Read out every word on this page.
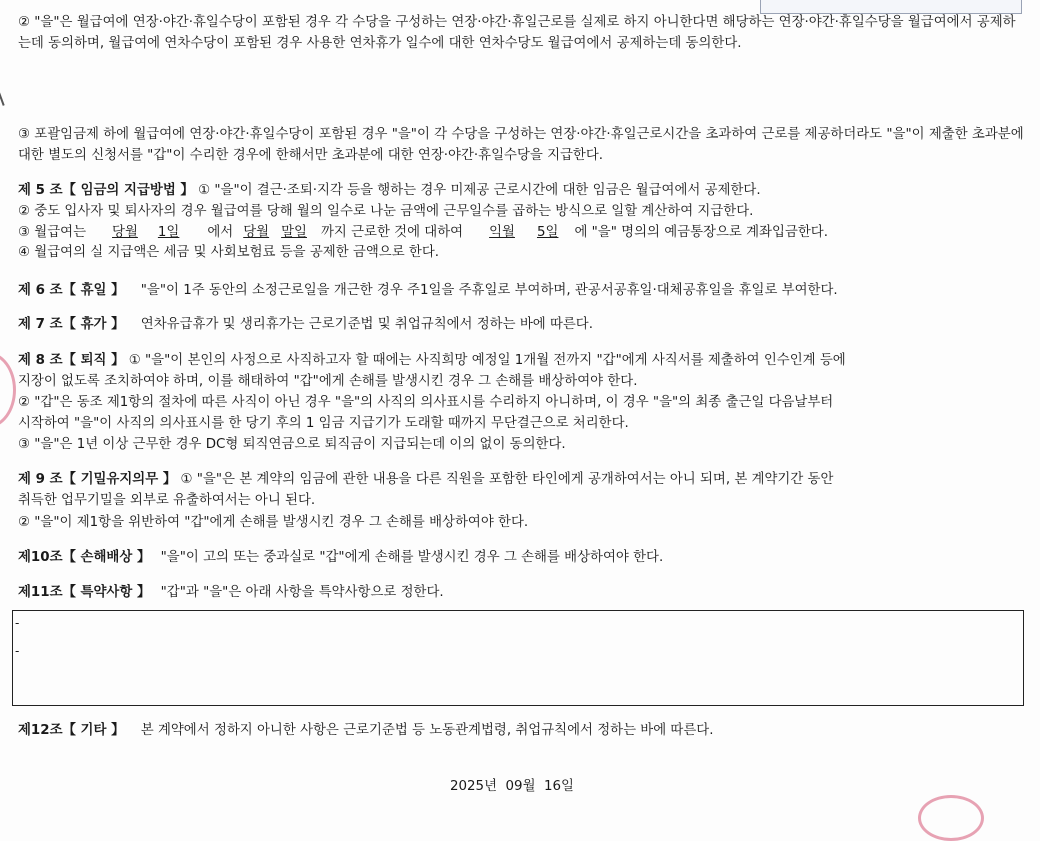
② "을"은 월급여에 연장·야간·휴일수당이 포함된 경우 각 수당을 구성하는 연장·야간·휴일근로를 실제로 하지 아니한다면 해당하는 연장·야간·휴일수당을 월급여에서 공제하는데 동의하며, 월급여에 연차수당이 포함된 경우 사용한 연차휴가 일수에 대한 연차수당도 월급여에서 공제하는데 동의한다.

③ 포괄임금제 하에 월급여에 연장·야간·휴일수당이 포함된 경우 "을"이 각 수당을 구성하는 연장·야간·휴일근로시간을 초과하여 근로를 제공하더라도 "을"이 제출한 초과분에 대한 별도의 신청서를 "갑"이 수리한 경우에 한해서만 초과분에 대한 연장·야간·휴일수당을 지급한다.

제 5 조【 임금의 지급방법 】 ① "을"이 결근·조퇴·지각 등을 행하는 경우 미제공 근로시간에 대한 임금은 월급여에서 공제한다.
② 중도 입사자 및 퇴사자의 경우 월급여를 당해 월의 일수로 나눈 금액에 근무일수를 곱하는 방식으로 일할 계산하여 지급한다.
③ 월급여는 당월 1일 에서 당월 말일 까지 근로한 것에 대하여 익월 5일 에 "을" 명의의 예금통장으로 계좌입금한다.
④ 월급여의 실 지급액은 세금 및 사회보험료 등을 공제한 금액으로 한다.
제 6 조【 휴일 】 "을"이 1주 동안의 소정근로일을 개근한 경우 주1일을 주휴일로 부여하며, 관공서공휴일·대체공휴일을 휴일로 부여한다.
제 7 조【 휴가 】 연차유급휴가 및 생리휴가는 근로기준법 및 취업규칙에서 정하는 바에 따른다.
제 8 조【 퇴직 】 ① "을"이 본인의 사정으로 사직하고자 할 때에는 사직희망 예정일 1개월 전까지 "갑"에게 사직서를 제출하여 인수인계 등에
지장이 없도록 조치하여야 하며, 이를 해태하여 "갑"에게 손해를 발생시킨 경우 그 손해를 배상하여야 한다.
② "갑"은 동조 제1항의 절차에 따른 사직이 아닌 경우 "을"의 사직의 의사표시를 수리하지 아니하며, 이 경우 "을"의 최종 출근일 다음날부터
시작하여 "을"이 사직의 의사표시를 한 당기 후의 1 임금 지급기가 도래할 때까지 무단결근으로 처리한다.
③ "을"은 1년 이상 근무한 경우 DC형 퇴직연금으로 퇴직금이 지급되는데 이의 없이 동의한다.
제 9 조【 기밀유지의무 】 ① "을"은 본 계약의 임금에 관한 내용을 다른 직원을 포함한 타인에게 공개하여서는 아니 되며, 본 계약기간 동안
취득한 업무기밀을 외부로 유출하여서는 아니 된다.
② "을"이 제1항을 위반하여 "갑"에게 손해를 발생시킨 경우 그 손해를 배상하여야 한다.
제10조【 손해배상 】 "을"이 고의 또는 중과실로 "갑"에게 손해를 발생시킨 경우 그 손해를 배상하여야 한다.
제11조【 특약사항 】 "갑"과 "을"은 아래 사항을 특약사항으로 정한다.
-
-
제12조【 기타 】 본 계약에서 정하지 아니한 사항은 근로기준법 등 노동관계법령, 취업규칙에서 정하는 바에 따른다.
2025년  09월  16일
